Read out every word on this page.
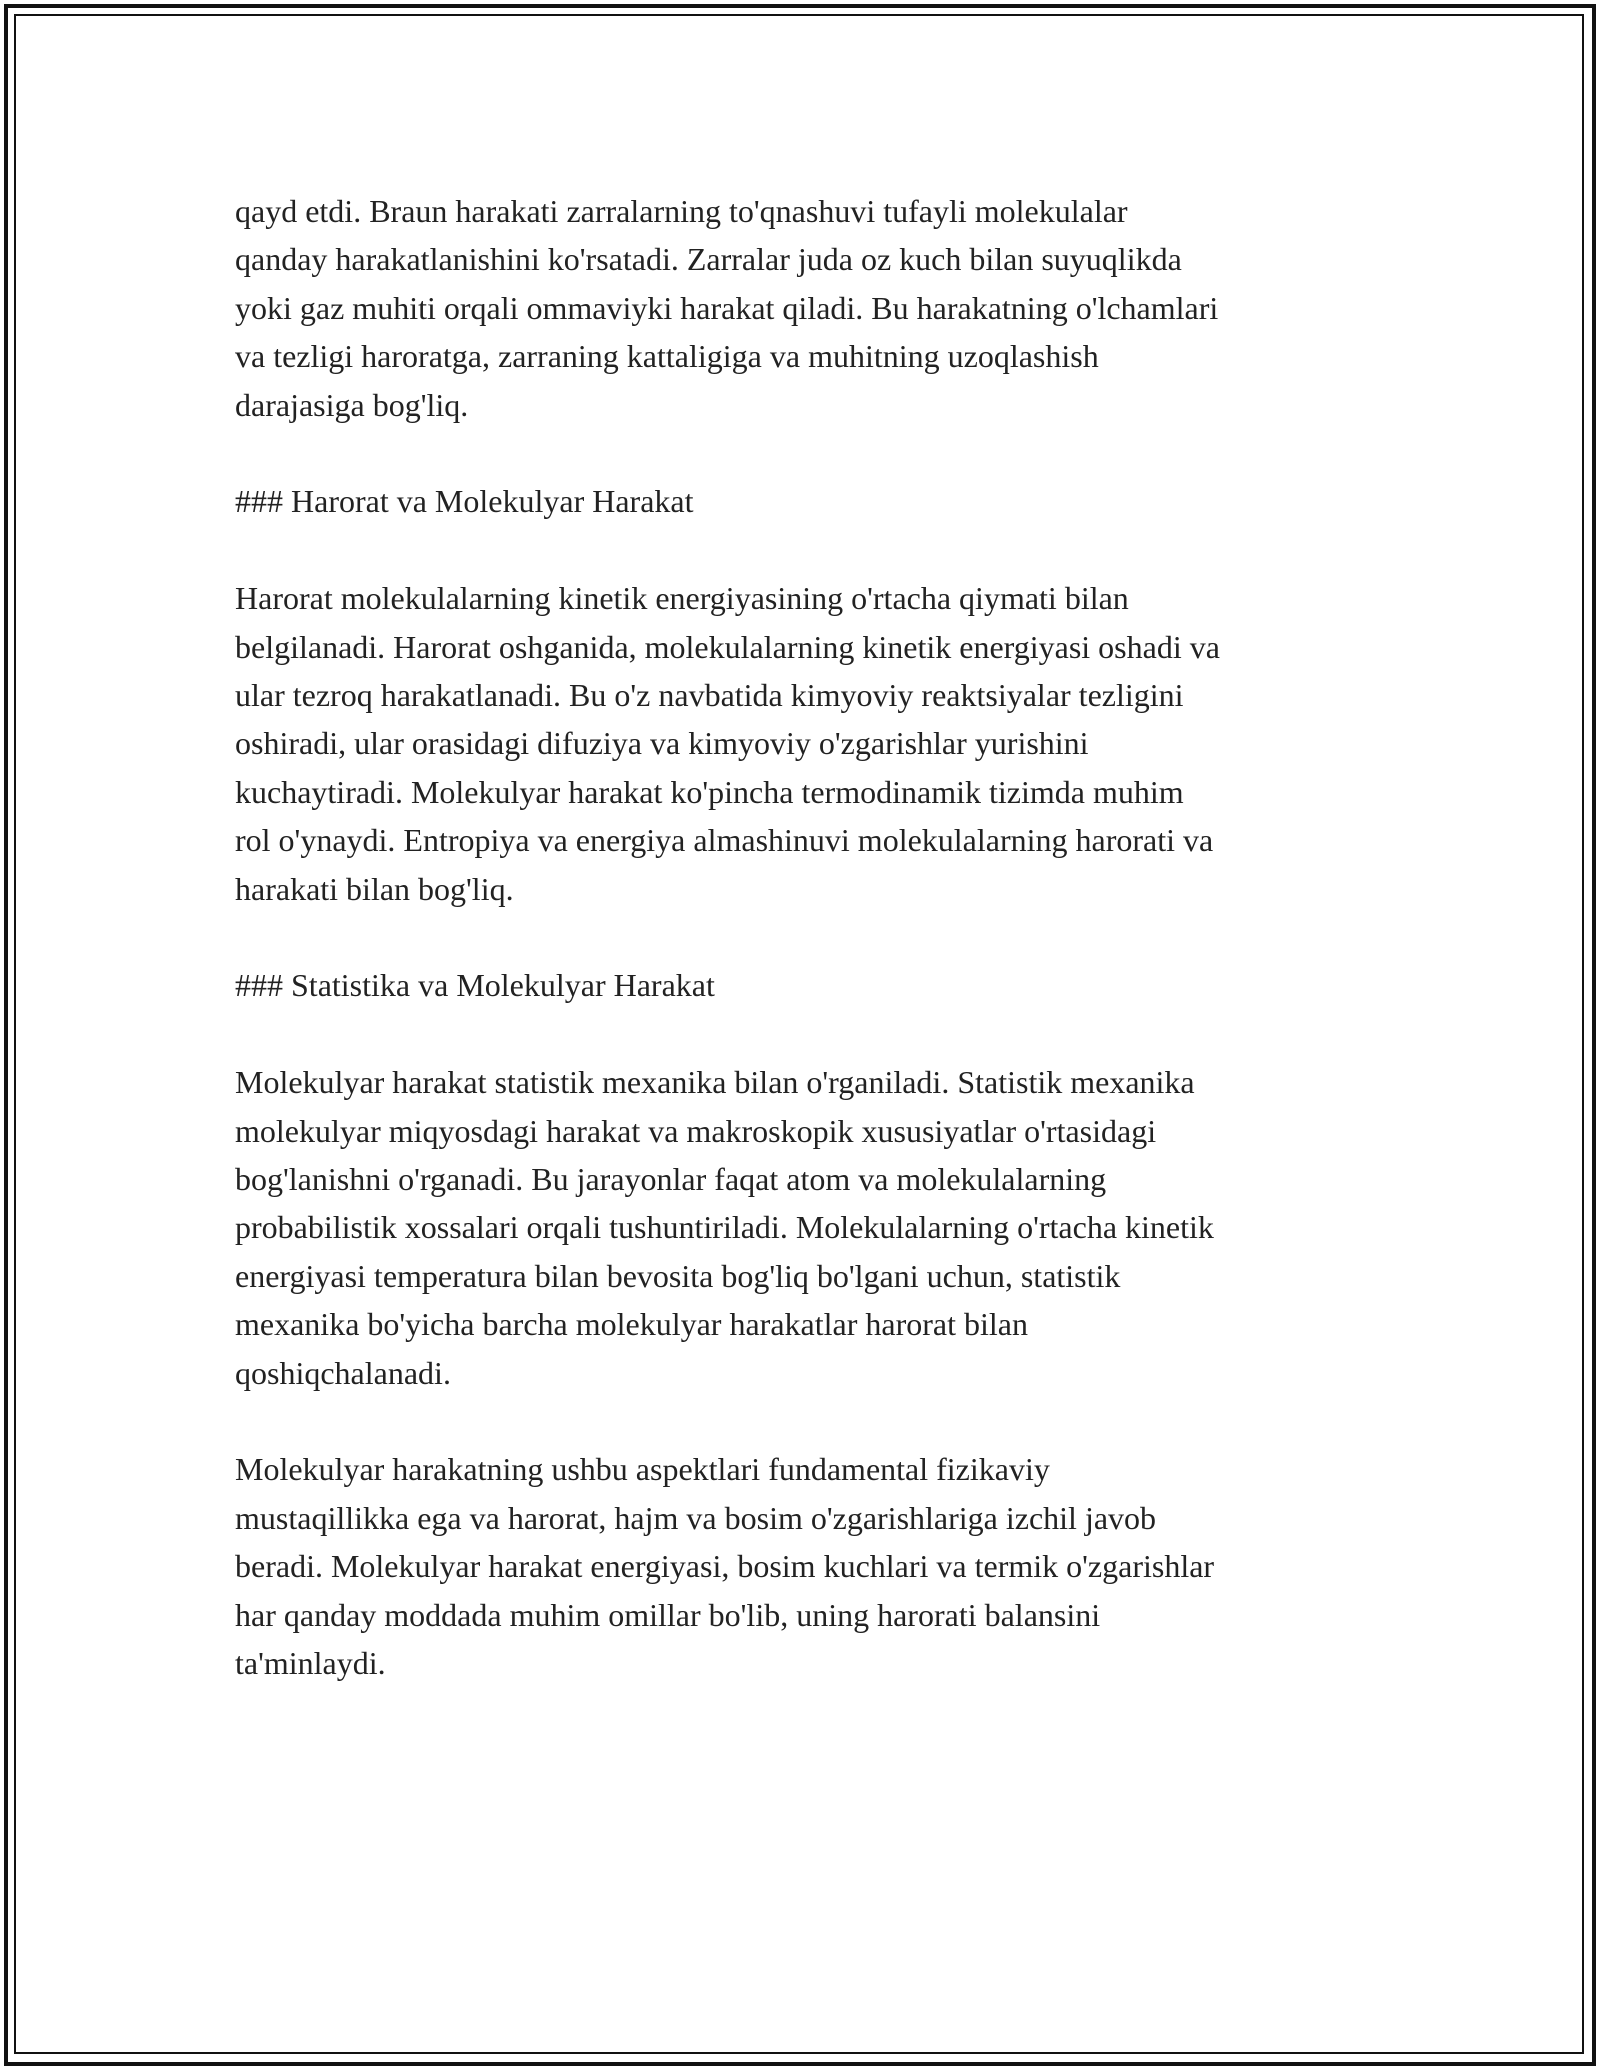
qayd etdi. Braun harakati zarralarning to'qnashuvi tufayli molekulalar
qanday harakatlanishini ko'rsatadi. Zarralar juda oz kuch bilan suyuqlikda
yoki gaz muhiti orqali ommaviyki harakat qiladi. Bu harakatning o'lchamlari
va tezligi haroratga, zarraning kattaligiga va muhitning uzoqlashish
darajasiga bog'liq.

### Harorat va Molekulyar Harakat

Harorat molekulalarning kinetik energiyasining o'rtacha qiymati bilan
belgilanadi. Harorat oshganida, molekulalarning kinetik energiyasi oshadi va
ular tezroq harakatlanadi. Bu o'z navbatida kimyoviy reaktsiyalar tezligini
oshiradi, ular orasidagi difuziya va kimyoviy o'zgarishlar yurishini
kuchaytiradi. Molekulyar harakat ko'pincha termodinamik tizimda muhim
rol o'ynaydi. Entropiya va energiya almashinuvi molekulalarning harorati va
harakati bilan bog'liq.

### Statistika va Molekulyar Harakat

Molekulyar harakat statistik mexanika bilan o'rganiladi. Statistik mexanika
molekulyar miqyosdagi harakat va makroskopik xususiyatlar o'rtasidagi
bog'lanishni o'rganadi. Bu jarayonlar faqat atom va molekulalarning
probabilistik xossalari orqali tushuntiriladi. Molekulalarning o'rtacha kinetik
energiyasi temperatura bilan bevosita bog'liq bo'lgani uchun, statistik
mexanika bo'yicha barcha molekulyar harakatlar harorat bilan
qoshiqchalanadi.

Molekulyar harakatning ushbu aspektlari fundamental fizikaviy
mustaqillikka ega va harorat, hajm va bosim o'zgarishlariga izchil javob
beradi. Molekulyar harakat energiyasi, bosim kuchlari va termik o'zgarishlar
har qanday moddada muhim omillar bo'lib, uning harorati balansini
ta'minlaydi.
